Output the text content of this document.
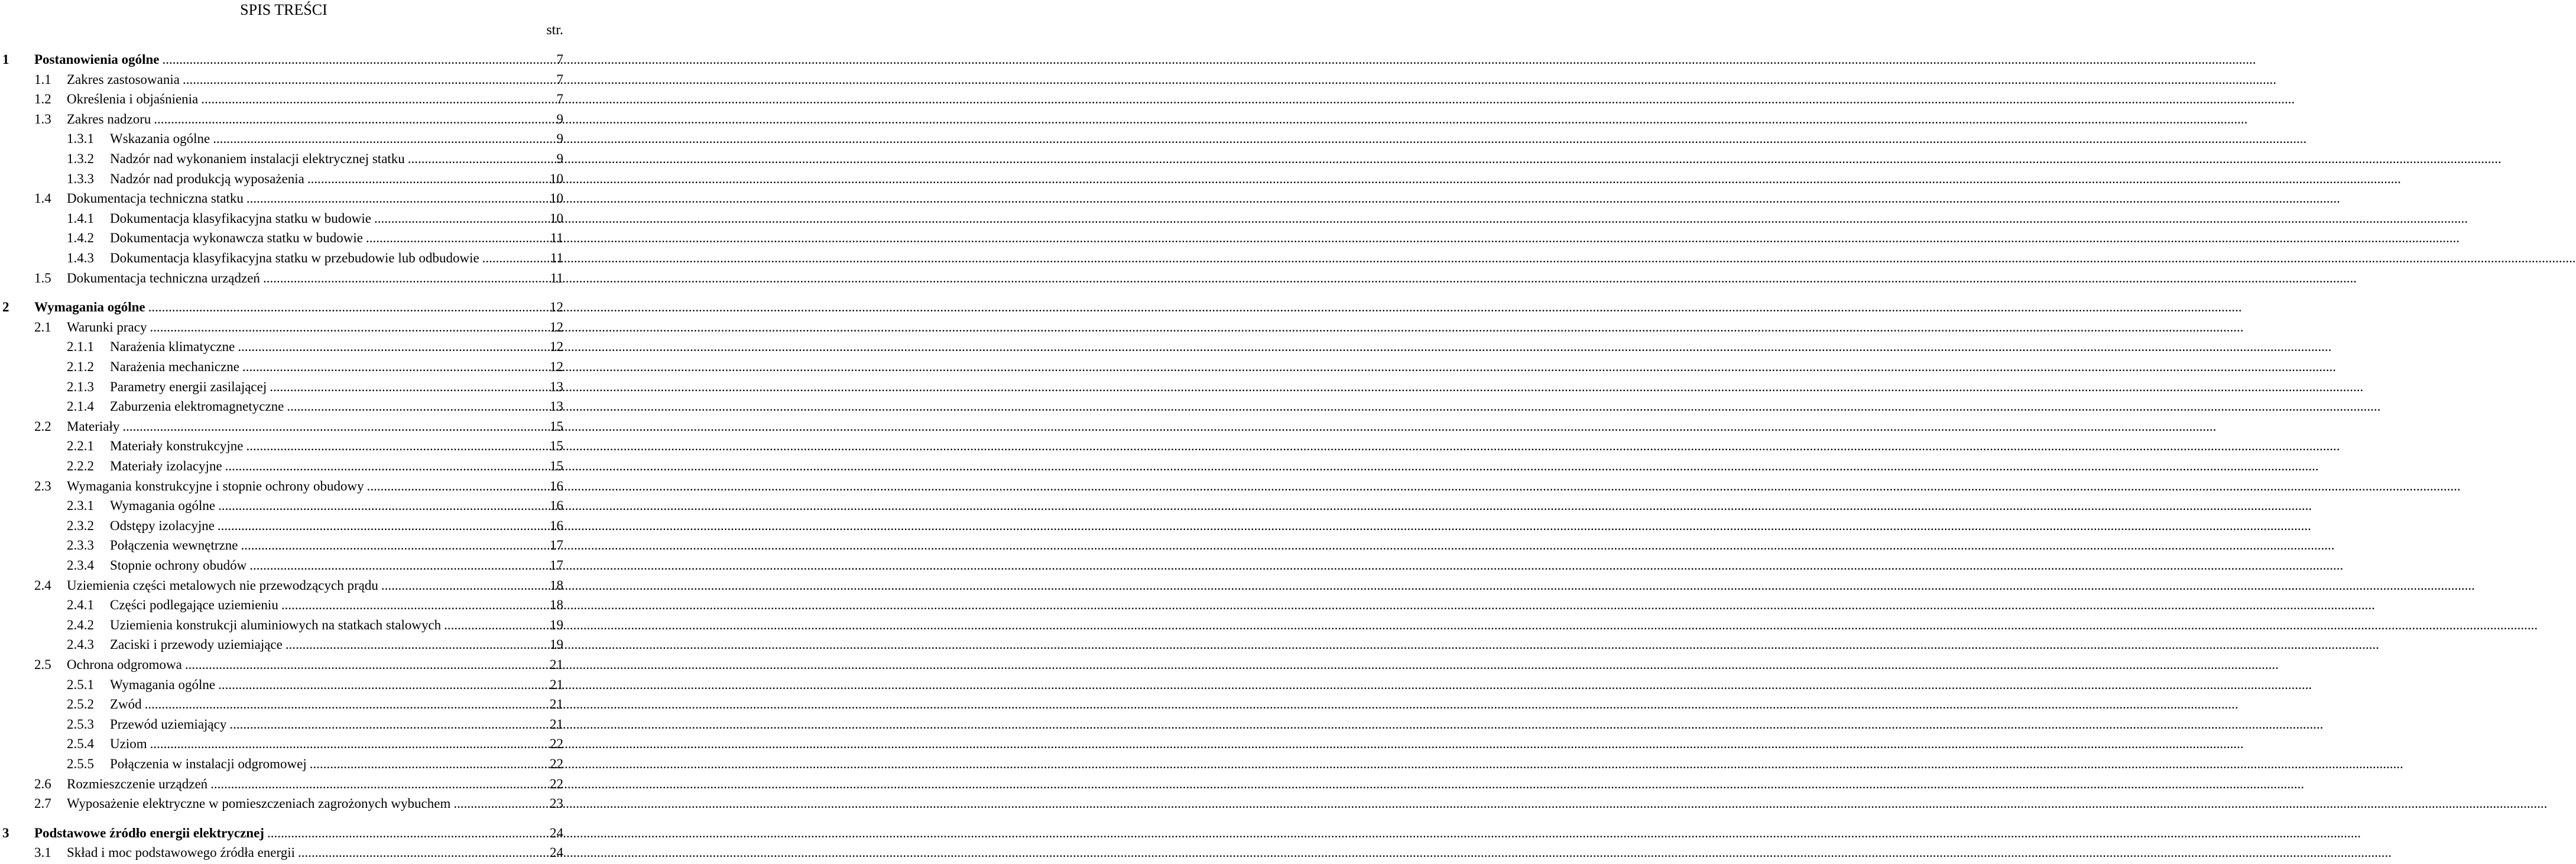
SPIS TREŚCI
str.
1 Postanowienia ogólne .....	7
1.1 Zakres zastosowania .....	7
1.2 Określenia i objaśnienia .....	7
1.3 Zakres nadzoru .....	9
1.3.1 Wskazania ogólne .....	9
1.3.2 Nadzór nad wykonaniem instalacji elektrycznej statku .....	9
1.3.3 Nadzór nad produkcją wyposażenia .....	10
1.4 Dokumentacja techniczna statku .....	10
1.4.1 Dokumentacja klasyfikacyjna statku w budowie .....	10
1.4.2 Dokumentacja wykonawcza statku w budowie .....	11
1.4.3 Dokumentacja klasyfikacyjna statku w przebudowie lub odbudowie .....	11
1.5 Dokumentacja techniczna urządzeń .....	11
2 Wymagania ogólne .....	12
2.1 Warunki pracy .....	12
2.1.1 Narażenia klimatyczne .....	12
2.1.2 Narażenia mechaniczne .....	12
2.1.3 Parametry energii zasilającej .....	13
2.1.4 Zaburzenia elektromagnetyczne .....	13
2.2 Materiały .....	15
2.2.1 Materiały konstrukcyjne .....	15
2.2.2 Materiały izolacyjne .....	15
2.3 Wymagania konstrukcyjne i stopnie ochrony obudowy .....	16
2.3.1 Wymagania ogólne .....	16
2.3.2 Odstępy izolacyjne .....	16
2.3.3 Połączenia wewnętrzne .....	17
2.3.4 Stopnie ochrony obudów .....	17
2.4 Uziemienia części metalowych nie przewodzących prądu .....	18
2.4.1 Części podlegające uziemieniu .....	18
2.4.2 Uziemienia konstrukcji aluminiowych na statkach stalowych .....	19
2.4.3 Zaciski i przewody uziemiające .....	19
2.5 Ochrona odgromowa .....	21
2.5.1 Wymagania ogólne .....	21
2.5.2 Zwód .....	21
2.5.3 Przewód uziemiający .....	21
2.5.4 Uziom .....	22
2.5.5 Połączenia w instalacji odgromowej .....	22
2.6 Rozmieszczenie urządzeń .....	22
2.7 Wyposażenie elektryczne w pomieszczeniach zagrożonych wybuchem .....	23
3 Podstawowe źródło energii elektrycznej .....	24
3.1 Skład i moc podstawowego źródła energii .....	24
